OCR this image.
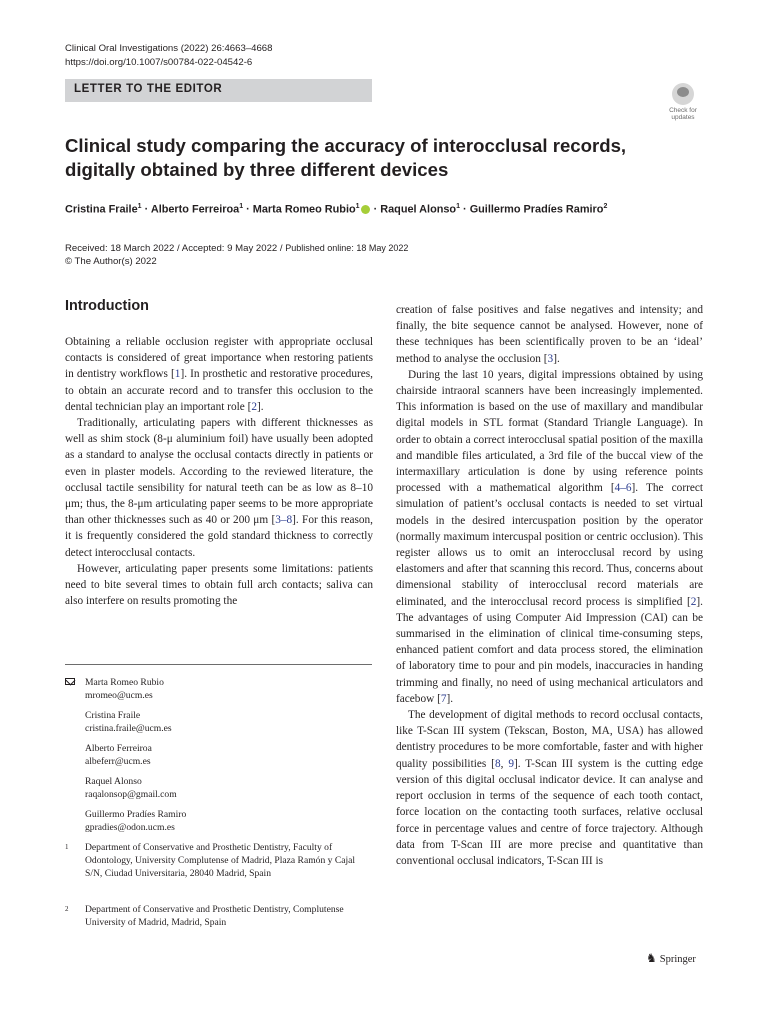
Clinical Oral Investigations (2022) 26:4663–4668
https://doi.org/10.1007/s00784-022-04542-6
LETTER TO THE EDITOR
Check for
updates
Clinical study comparing the accuracy of interocclusal records, digitally obtained by three different devices
Cristina Fraile$^1$ · Alberto Ferreiroa$^1$ · Marta Romeo Rubio$^1$ · Raquel Alonso$^1$ · Guillermo Pradíes Ramiro$^2$
Received: 18 March 2022 / Accepted: 9 May 2022 / Published online: 18 May 2022
© The Author(s) 2022
Introduction

Obtaining a reliable occlusion register with appropriate occlusal contacts is considered of great importance when restoring patients in dentistry workflows [1]. In prosthetic and restorative procedures, to obtain an accurate record and to transfer this occlusion to the dental technician play an important role [2].

Traditionally, articulating papers with different thicknesses as well as shim stock (8-μ aluminium foil) have usually been adopted as a standard to analyse the occlusal contacts directly in patients or even in plaster models. According to the reviewed literature, the occlusal tactile sensibility for natural teeth can be as low as 8–10 μm; thus, the 8-μm articulating paper seems to be more appropriate than other thicknesses such as 40 or 200 μm [3–8]. For this reason, it is frequently considered the gold standard thickness to correctly detect interocclusal contacts.

However, articulating paper presents some limitations: patients need to bite several times to obtain full arch contacts; saliva can also interfere on results promoting the

creation of false positives and false negatives and intensity; and finally, the bite sequence cannot be analysed. However, none of these techniques has been scientifically proven to be an ‘ideal’ method to analyse the occlusion [3].

During the last 10 years, digital impressions obtained by using chairside intraoral scanners have been increasingly implemented. This information is based on the use of maxillary and mandibular digital models in STL format (Standard Triangle Language). In order to obtain a correct interocclusal spatial position of the maxilla and mandible files articulated, a 3rd file of the buccal view of the intermaxillary articulation is done by using reference points processed with a mathematical algorithm [4–6]. The correct simulation of patient’s occlusal contacts is needed to set virtual models in the desired intercuspation position by the operator (normally maximum intercuspal position or centric occlusion). This register allows us to omit an interocclusal record by using elastomers and after that scanning this record. Thus, concerns about dimensional stability of interocclusal record materials are eliminated, and the interocclusal record process is simplified [2]. The advantages of using Computer Aid Impression (CAI) can be summarised in the elimination of clinical time-consuming steps, enhanced patient comfort and data process stored, the elimination of laboratory time to pour and pin models, inaccuracies in handing trimming and finally, no need of using mechanical articulators and facebow [7].

The development of digital methods to record occlusal contacts, like T-Scan III system (Tekscan, Boston, MA, USA) has allowed dentistry procedures to be more comfortable, faster and with higher quality possibilities [8, 9]. T-Scan III system is the cutting edge version of this digital occlusal indicator device. It can analyse and report occlusion in terms of the sequence of each tooth contact, force location on the contacting tooth surfaces, relative occlusal force in percentage values and centre of force trajectory. Although data from T-Scan III are more precise and quantitative than conventional occlusal indicators, T-Scan III is

Marta Romeo Rubio
mromeo@ucm.es
Cristina Fraile
cristina.fraile@ucm.es
Alberto Ferreiroa
albeferr@ucm.es
Raquel Alonso
raqalonsop@gmail.com
Guillermo Pradíes Ramiro
gpradies@odon.ucm.es
1	Department of Conservative and Prosthetic Dentistry, Faculty of Odontology, University Complutense of Madrid, Plaza Ramón y Cajal S/N, Ciudad Universitaria, 28040 Madrid, Spain
2	Department of Conservative and Prosthetic Dentistry, Complutense University of Madrid, Madrid, Spain
♞ Springer
